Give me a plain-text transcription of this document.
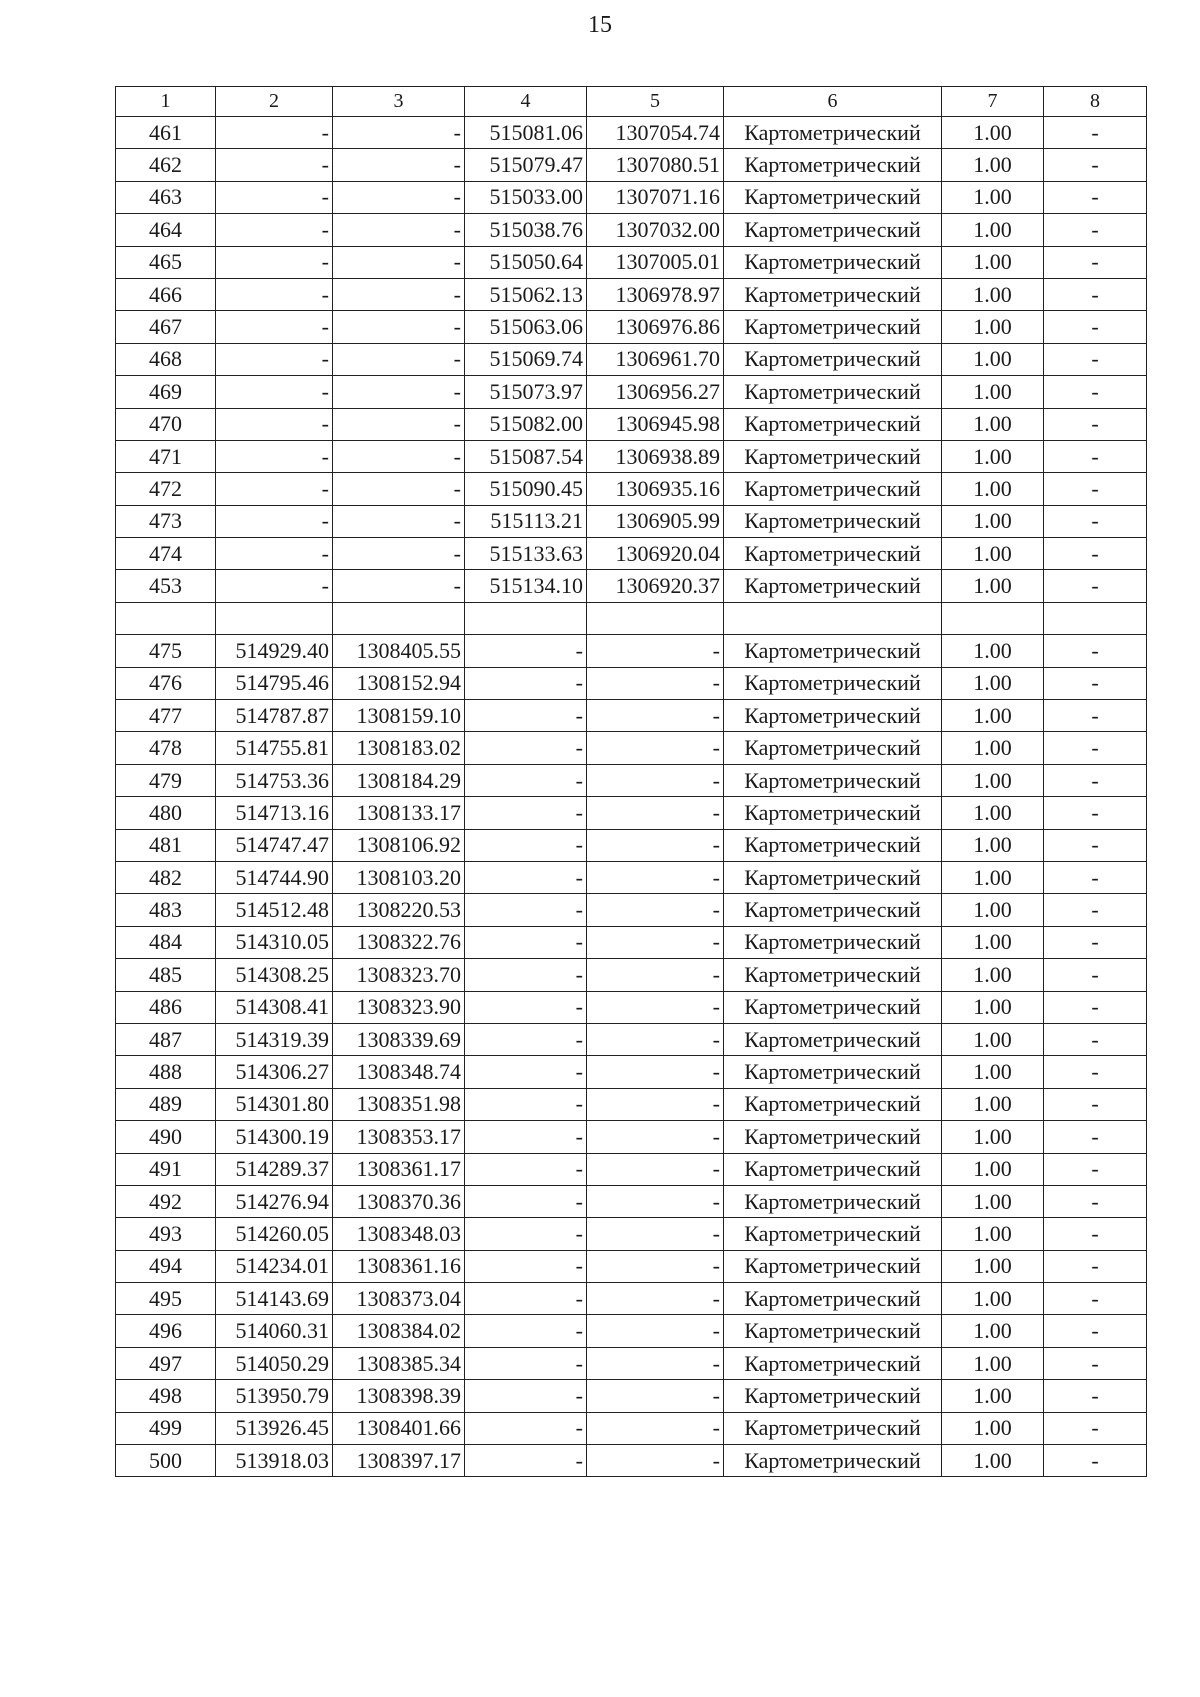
15
1	2	3	4	5	6	7	8
461	-	-	515081.06	1307054.74	Картометрический	1.00	-
462	-	-	515079.47	1307080.51	Картометрический	1.00	-
463	-	-	515033.00	1307071.16	Картометрический	1.00	-
464	-	-	515038.76	1307032.00	Картометрический	1.00	-
465	-	-	515050.64	1307005.01	Картометрический	1.00	-
466	-	-	515062.13	1306978.97	Картометрический	1.00	-
467	-	-	515063.06	1306976.86	Картометрический	1.00	-
468	-	-	515069.74	1306961.70	Картометрический	1.00	-
469	-	-	515073.97	1306956.27	Картометрический	1.00	-
470	-	-	515082.00	1306945.98	Картометрический	1.00	-
471	-	-	515087.54	1306938.89	Картометрический	1.00	-
472	-	-	515090.45	1306935.16	Картометрический	1.00	-
473	-	-	515113.21	1306905.99	Картометрический	1.00	-
474	-	-	515133.63	1306920.04	Картометрический	1.00	-
453	-	-	515134.10	1306920.37	Картометрический	1.00	-

475	514929.40	1308405.55	-	-	Картометрический	1.00	-
476	514795.46	1308152.94	-	-	Картометрический	1.00	-
477	514787.87	1308159.10	-	-	Картометрический	1.00	-
478	514755.81	1308183.02	-	-	Картометрический	1.00	-
479	514753.36	1308184.29	-	-	Картометрический	1.00	-
480	514713.16	1308133.17	-	-	Картометрический	1.00	-
481	514747.47	1308106.92	-	-	Картометрический	1.00	-
482	514744.90	1308103.20	-	-	Картометрический	1.00	-
483	514512.48	1308220.53	-	-	Картометрический	1.00	-
484	514310.05	1308322.76	-	-	Картометрический	1.00	-
485	514308.25	1308323.70	-	-	Картометрический	1.00	-
486	514308.41	1308323.90	-	-	Картометрический	1.00	-
487	514319.39	1308339.69	-	-	Картометрический	1.00	-
488	514306.27	1308348.74	-	-	Картометрический	1.00	-
489	514301.80	1308351.98	-	-	Картометрический	1.00	-
490	514300.19	1308353.17	-	-	Картометрический	1.00	-
491	514289.37	1308361.17	-	-	Картометрический	1.00	-
492	514276.94	1308370.36	-	-	Картометрический	1.00	-
493	514260.05	1308348.03	-	-	Картометрический	1.00	-
494	514234.01	1308361.16	-	-	Картометрический	1.00	-
495	514143.69	1308373.04	-	-	Картометрический	1.00	-
496	514060.31	1308384.02	-	-	Картометрический	1.00	-
497	514050.29	1308385.34	-	-	Картометрический	1.00	-
498	513950.79	1308398.39	-	-	Картометрический	1.00	-
499	513926.45	1308401.66	-	-	Картометрический	1.00	-
500	513918.03	1308397.17	-	-	Картометрический	1.00	-
